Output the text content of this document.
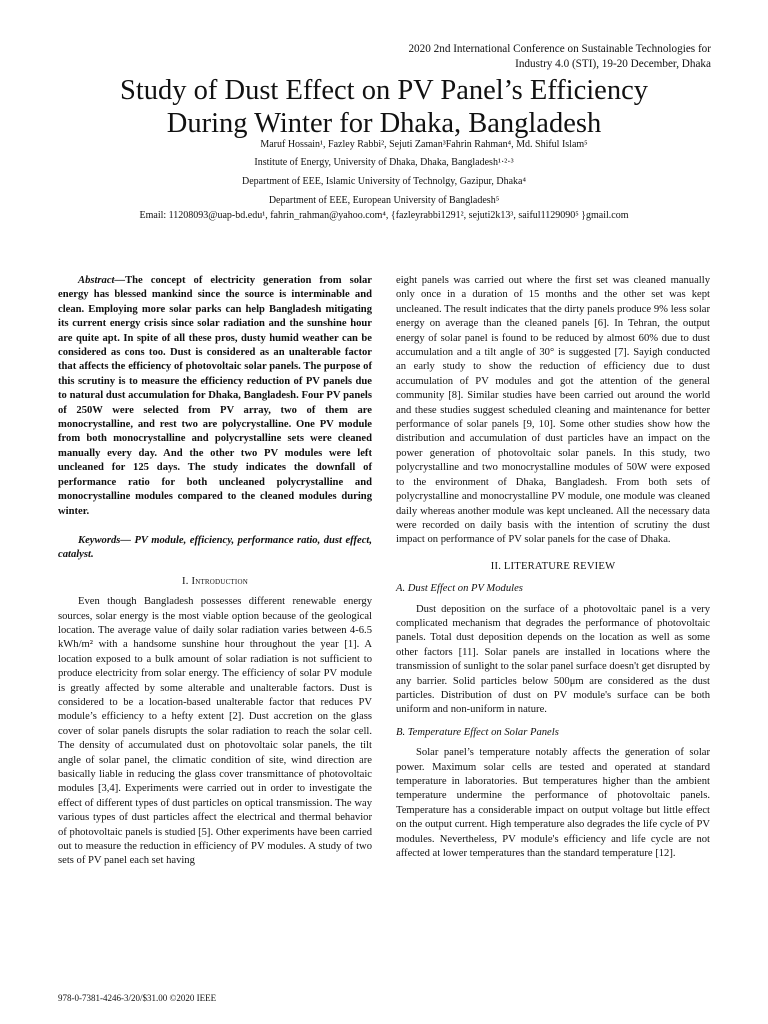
2020 2nd International Conference on Sustainable Technologies for
Industry 4.0 (STI), 19-20 December, Dhaka
Study of Dust Effect on PV Panel’s Efficiency
During Winter for Dhaka, Bangladesh
Maruf Hossain¹, Fazley Rabbi², Sejuti Zaman³Fahrin Rahman⁴, Md. Shiful Islam⁵
Institute of Energy, University of Dhaka, Dhaka, Bangladesh¹·²·³
Department of EEE, Islamic University of Technolgy, Gazipur, Dhaka⁴
Department of EEE, European University of Bangladesh⁵
Email: 11208093@uap-bd.edu¹, fahrin_rahman@yahoo.com⁴, {fazleyrabbi1291², sejuti2k13³, saiful1129090⁵ }gmail.com

Abstract—The concept of electricity generation from solar energy has blessed mankind since the source is interminable and clean. Employing more solar parks can help Bangladesh mitigating its current energy crisis since solar radiation and the sunshine hour are quite apt. In spite of all these pros, dusty humid weather can be considered as cons too. Dust is considered as an unalterable factor that affects the efficiency of photovoltaic solar panels. The purpose of this scrutiny is to measure the efficiency reduction of PV panels due to natural dust accumulation for Dhaka, Bangladesh. Four PV panels of 250W were selected from PV array, two of them are monocrystalline, and rest two are polycrystalline. One PV module from both monocrystalline and polycrystalline sets were cleaned manually every day. And the other two PV modules were left uncleaned for 125 days. The study indicates the downfall of performance ratio for both uncleaned polycrystalline and monocrystalline modules compared to the cleaned modules during winter.

Keywords— PV module, efficiency, performance ratio, dust effect, catalyst.

I. Introduction

Even though Bangladesh possesses different renewable energy sources, solar energy is the most viable option because of the geological location. The average value of daily solar radiation varies between 4-6.5 kWh/m² with a handsome sunshine hour throughout the year [1]. A location exposed to a bulk amount of solar radiation is not sufficient to produce electricity from solar energy. The efficiency of solar PV module is greatly affected by some alterable and unalterable factors. Dust is considered to be a location-based unalterable factor that reduces PV module’s efficiency to a hefty extent [2]. Dust accretion on the glass cover of solar panels disrupts the solar radiation to reach the solar cell. The density of accumulated dust on photovoltaic solar panels, the tilt angle of solar panel, the climatic condition of site, wind direction are basically liable in reducing the glass cover transmittance of photovoltaic modules [3,4]. Experiments were carried out in order to investigate the effect of different types of dust particles on optical transmission. The way various types of dust particles affect the electrical and thermal behavior of photovoltaic panels is studied [5]. Other experiments have been carried out to measure the reduction in efficiency of PV modules. A study of two sets of PV panel each set having

eight panels was carried out where the first set was cleaned manually only once in a duration of 15 months and the other set was kept uncleaned. The result indicates that the dirty panels produce 9% less solar energy on average than the cleaned panels [6]. In Tehran, the output energy of solar panel is found to be reduced by almost 60% due to dust accumulation and a tilt angle of 30° is suggested [7]. Sayigh conducted an early study to show the reduction of efficiency due to dust accumulation of PV modules and got the attention of the general community [8]. Similar studies have been carried out around the world and these studies suggest scheduled cleaning and maintenance for better performance of solar panels [9, 10]. Some other studies show how the distribution and accumulation of dust particles have an impact on the power generation of photovoltaic solar panels. In this study, two polycrystalline and two monocrystalline modules of 50W were exposed to the environment of Dhaka, Bangladesh. From both sets of polycrystalline and monocrystalline PV module, one module was cleaned daily whereas another module was kept uncleaned. All the necessary data were recorded on daily basis with the intention of scrutiny the dust impact on performance of PV solar panels for the case of Dhaka.

II. LITERATURE REVIEW

A. Dust Effect on PV Modules

Dust deposition on the surface of a photovoltaic panel is a very complicated mechanism that degrades the performance of photovoltaic panels. Total dust deposition depends on the location as well as some other factors [11]. Solar panels are installed in locations where the transmission of sunlight to the solar panel surface doesn't get disrupted by any barrier. Solid particles below 500μm are considered as the dust particles. Distribution of dust on PV module's surface can be both uniform and non-uniform in nature.

B. Temperature Effect on Solar Panels

Solar panel’s temperature notably affects the generation of solar power. Maximum solar cells are tested and operated at standard temperature in laboratories. But temperatures higher than the ambient temperature undermine the performance of photovoltaic panels. Temperature has a considerable impact on output voltage but little effect on the output current. High temperature also degrades the life cycle of PV modules. Nevertheless, PV module's efficiency and life cycle are not affected at lower temperatures than the standard temperature [12].

978-0-7381-4246-3/20/$31.00 ©2020 IEEE
